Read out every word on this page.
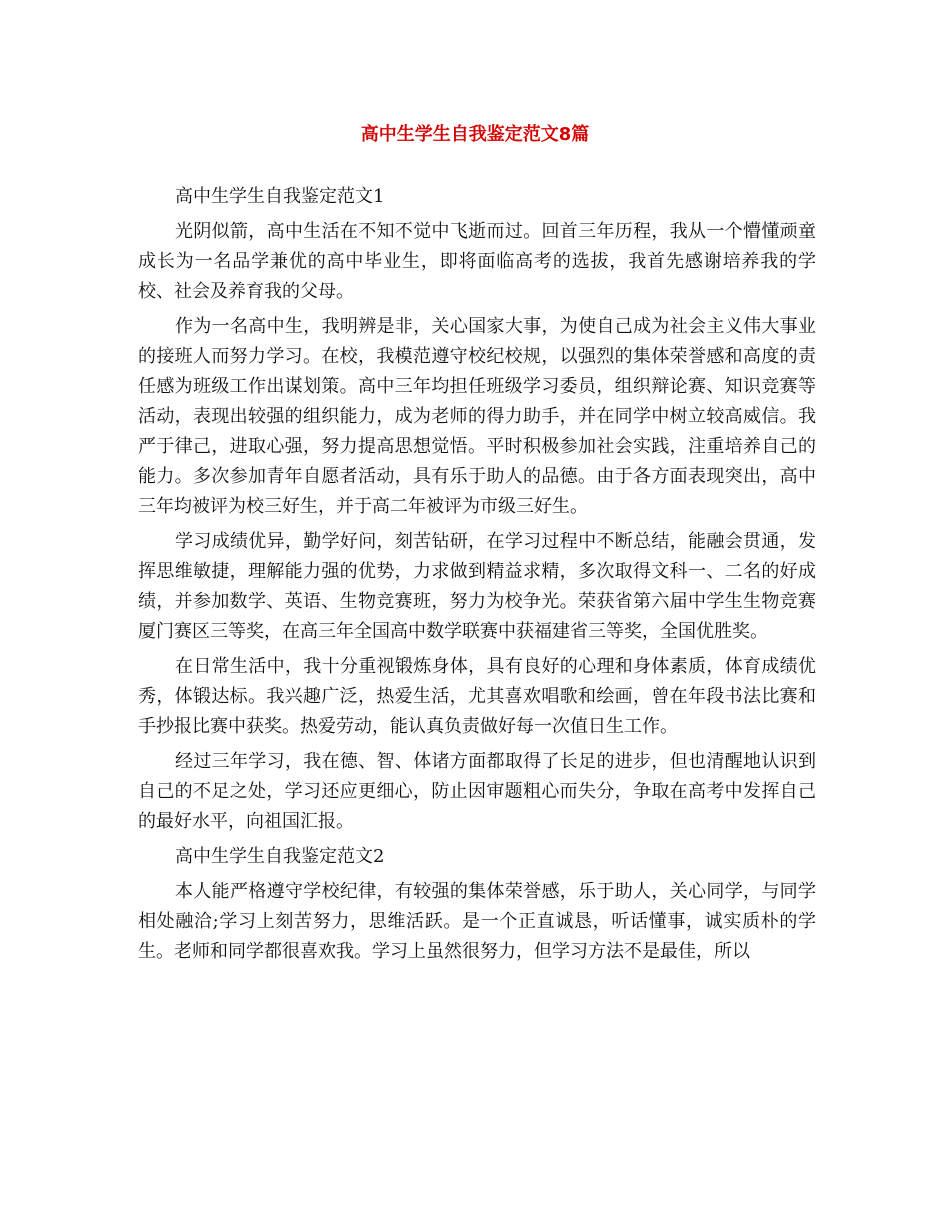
高中生学生自我鉴定范文8篇

高中生学生自我鉴定范文1

光阴似箭，高中生活在不知不觉中飞逝而过。回首三年历程，我从一个懵懂顽童成长为一名品学兼优的高中毕业生，即将面临高考的选拔，我首先感谢培养我的学校、社会及养育我的父母。

作为一名高中生，我明辨是非，关心国家大事，为使自己成为社会主义伟大事业的接班人而努力学习。在校，我模范遵守校纪校规，以强烈的集体荣誉感和高度的责任感为班级工作出谋划策。高中三年均担任班级学习委员，组织辩论赛、知识竞赛等活动，表现出较强的组织能力，成为老师的得力助手，并在同学中树立较高威信。我严于律己，进取心强，努力提高思想觉悟。平时积极参加社会实践，注重培养自己的能力。多次参加青年自愿者活动，具有乐于助人的品德。由于各方面表现突出，高中三年均被评为校三好生，并于高二年被评为市级三好生。

学习成绩优异，勤学好问，刻苦钻研，在学习过程中不断总结，能融会贯通，发挥思维敏捷，理解能力强的优势，力求做到精益求精，多次取得文科一、二名的好成绩，并参加数学、英语、生物竞赛班，努力为校争光。荣获省第六届中学生生物竞赛厦门赛区三等奖，在高三年全国高中数学联赛中获福建省三等奖，全国优胜奖。

在日常生活中，我十分重视锻炼身体，具有良好的心理和身体素质，体育成绩优秀，体锻达标。我兴趣广泛，热爱生活，尤其喜欢唱歌和绘画，曾在年段书法比赛和手抄报比赛中获奖。热爱劳动，能认真负责做好每一次值日生工作。

经过三年学习，我在德、智、体诸方面都取得了长足的进步，但也清醒地认识到自己的不足之处，学习还应更细心，防止因审题粗心而失分，争取在高考中发挥自己的最好水平，向祖国汇报。

高中生学生自我鉴定范文2

本人能严格遵守学校纪律，有较强的集体荣誉感，乐于助人，关心同学，与同学相处融洽;学习上刻苦努力，思维活跃。是一个正直诚恳，听话懂事，诚实质朴的学生。老师和同学都很喜欢我。学习上虽然很努力，但学习方法不是最佳，所以
